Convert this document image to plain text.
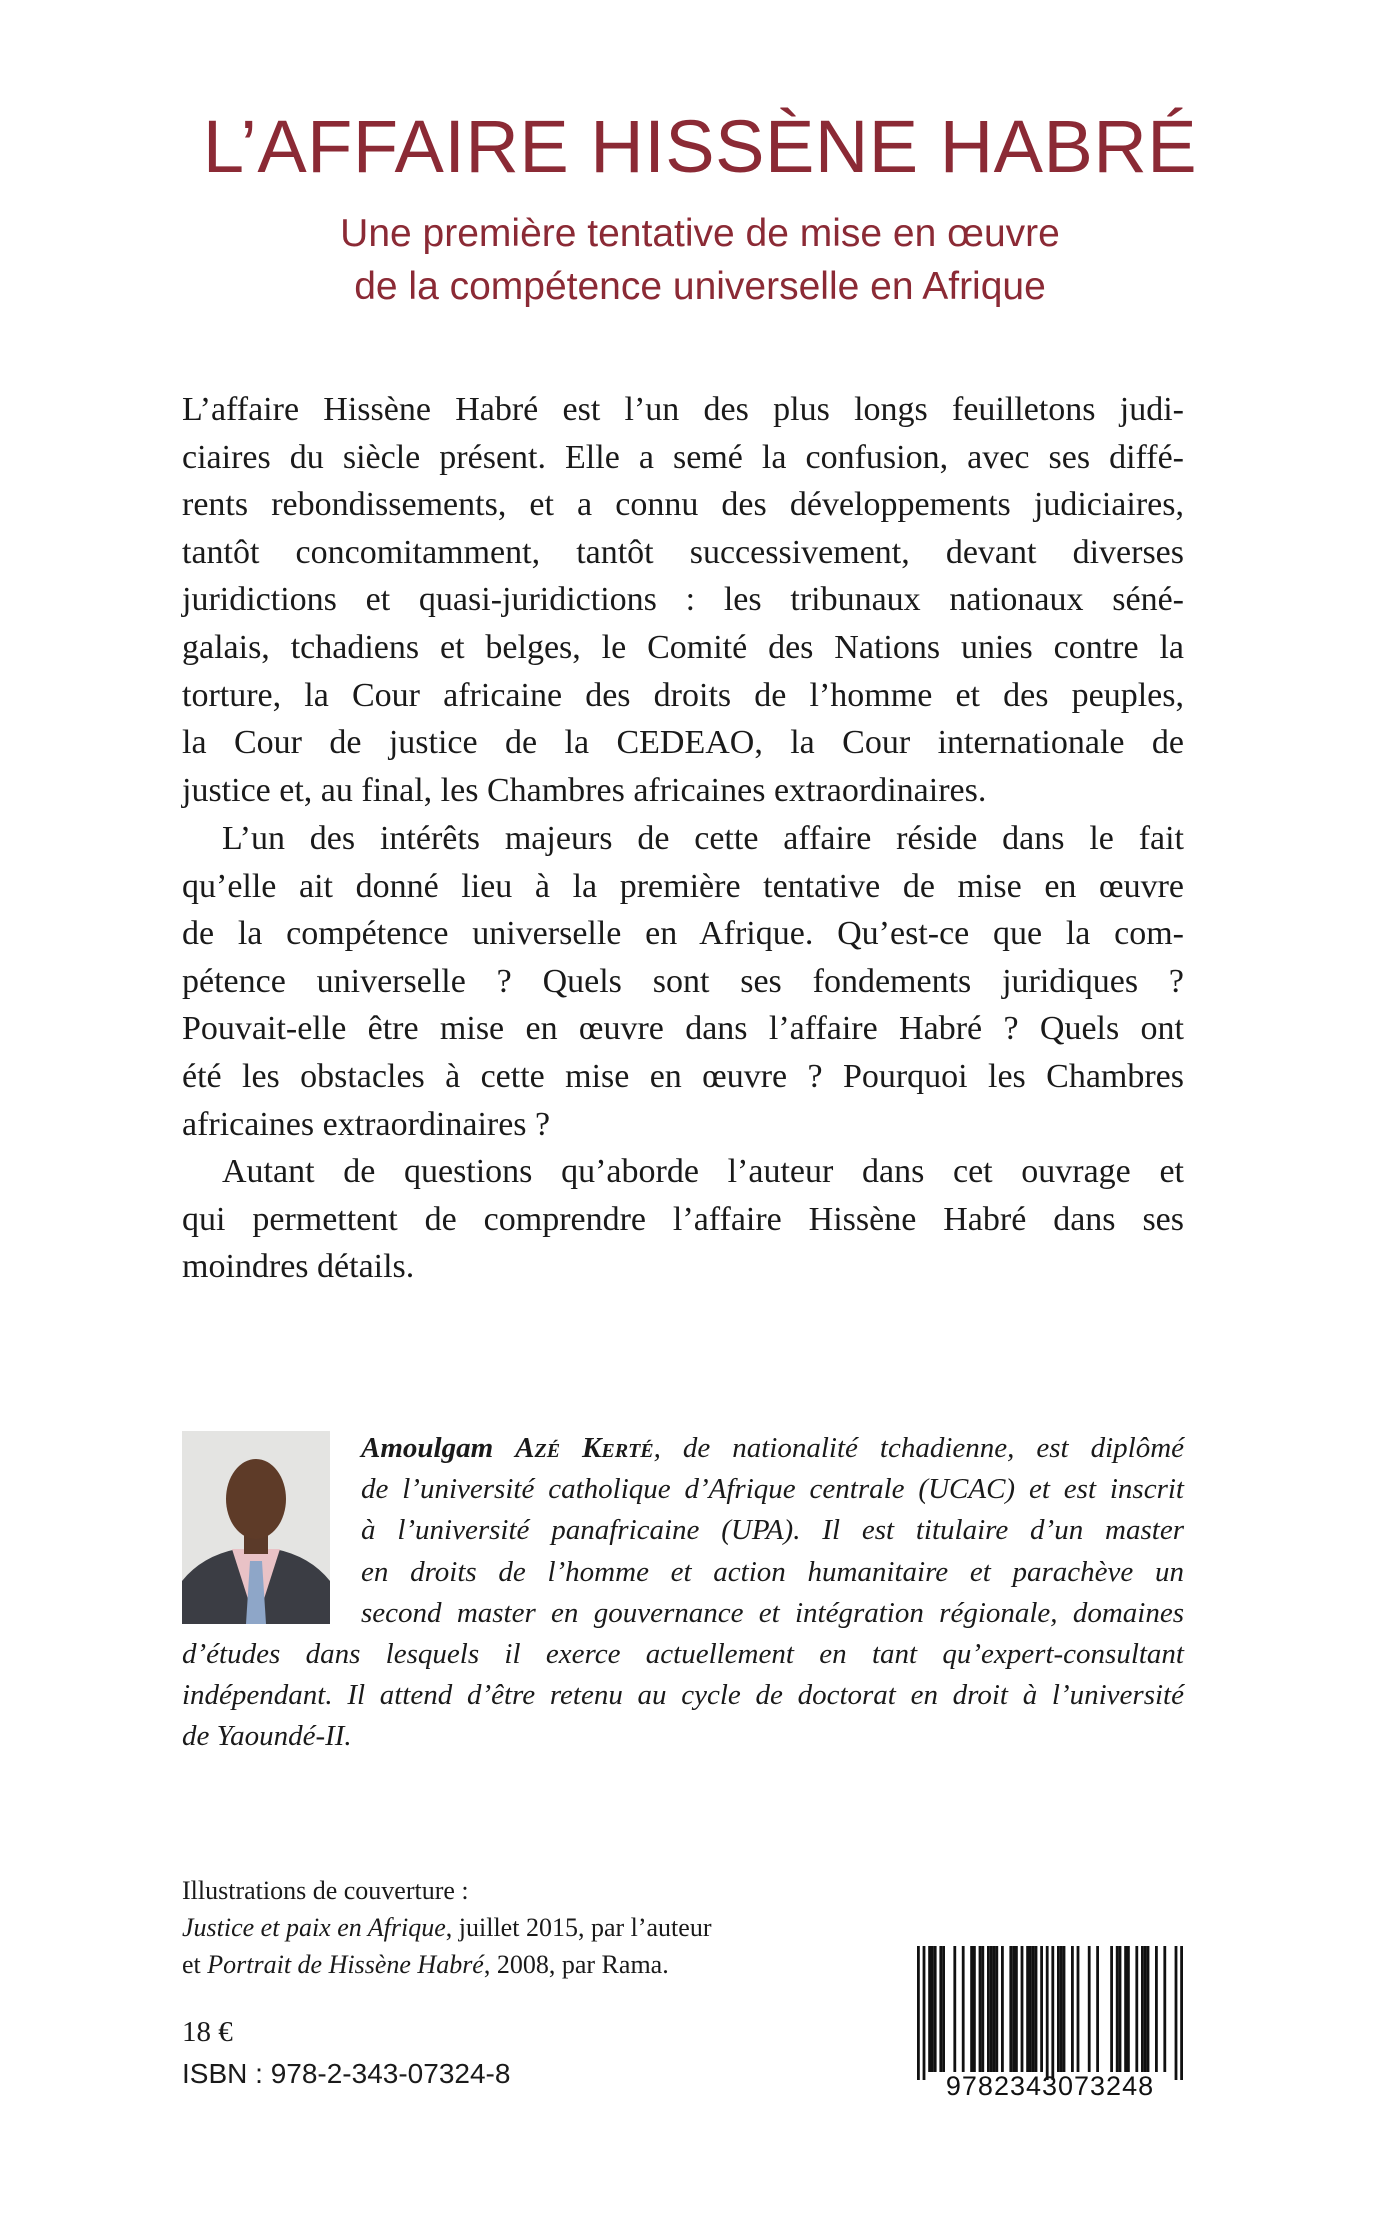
L’AFFAIRE HISSÈNE HABRÉ
Une première tentative de mise en œuvre
de la compétence universelle en Afrique
L’affaire Hissène Habré est l’un des plus longs feuilletons judi-
ciaires du siècle présent. Elle a semé la confusion, avec ses diffé-
rents rebondissements, et a connu des développements judiciaires,
tantôt concomitamment, tantôt successivement, devant diverses
juridictions et quasi-juridictions : les tribunaux nationaux séné-
galais, tchadiens et belges, le Comité des Nations unies contre la
torture, la Cour africaine des droits de l’homme et des peuples,
la Cour de justice de la CEDEAO, la Cour internationale de
justice et, au final, les Chambres africaines extraordinaires.
L’un des intérêts majeurs de cette affaire réside dans le fait
qu’elle ait donné lieu à la première tentative de mise en œuvre
de la compétence universelle en Afrique. Qu’est-ce que la com-
pétence universelle ? Quels sont ses fondements juridiques ?
Pouvait-elle être mise en œuvre dans l’affaire Habré ? Quels ont
été les obstacles à cette mise en œuvre ? Pourquoi les Chambres
africaines extraordinaires ?
Autant de questions qu’aborde l’auteur dans cet ouvrage et
qui permettent de comprendre l’affaire Hissène Habré dans ses
moindres détails.
Amoulgam Azé Kerté, de nationalité tchadienne, est diplômé
de l’université catholique d’Afrique centrale (UCAC) et est inscrit
à l’université panafricaine (UPA). Il est titulaire d’un master
en droits de l’homme et action humanitaire et parachève un
second master en gouvernance et intégration régionale, domaines
d’études dans lesquels il exerce actuellement en tant qu’expert-consultant
indépendant. Il attend d’être retenu au cycle de doctorat en droit à l’université
de Yaoundé-II.
Illustrations de couverture :
Justice et paix en Afrique, juillet 2015, par l’auteur
et Portrait de Hissène Habré, 2008, par Rama.
18 €
ISBN : 978-2-343-07324-8	9782343073248
